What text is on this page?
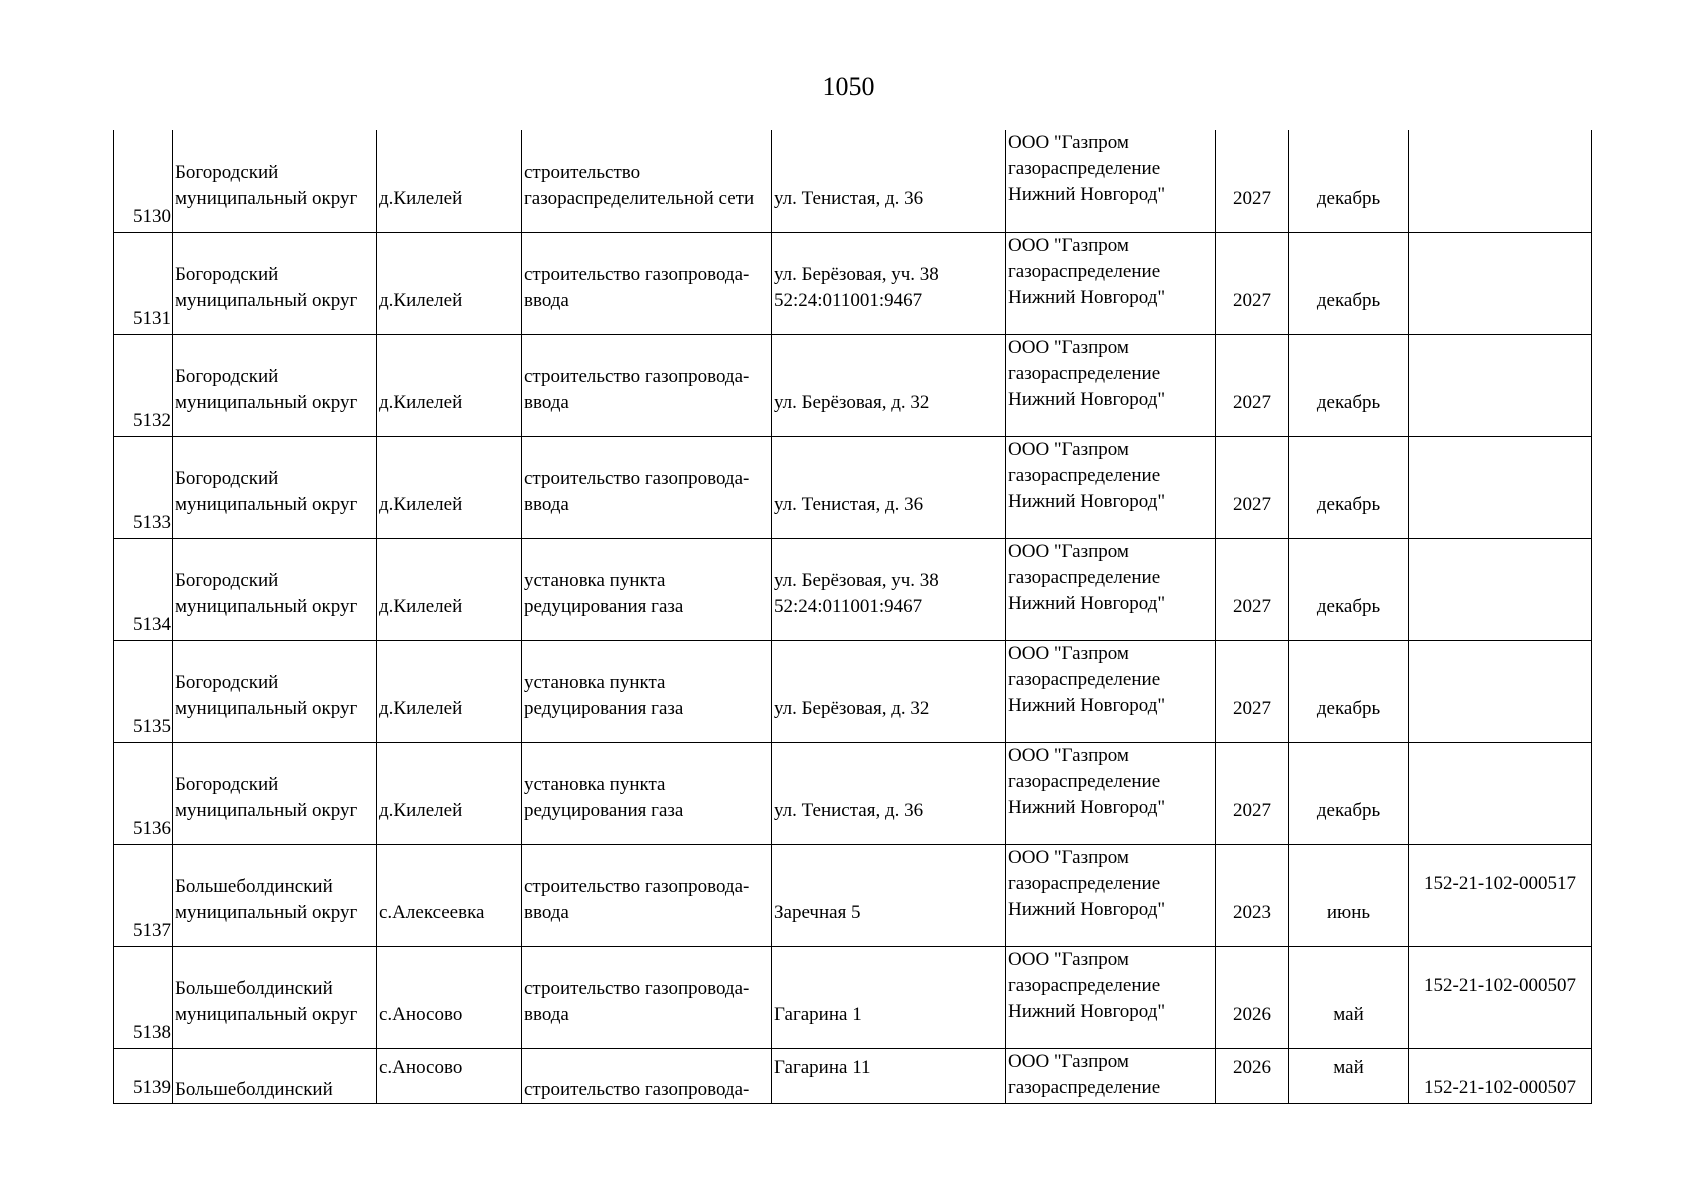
1050
5130	Богородский
муниципальный округ	д.Килелей	строительство
газораспределительной сети	ул. Тенистая, д. 36	ООО "Газпром
газораспределение
Нижний Новгород"	2027	декабрь	

5131	Богородский
муниципальный округ	д.Килелей	строительство газопровода-
ввода	ул. Берёзовая, уч. 38
52:24:011001:9467	ООО "Газпром
газораспределение
Нижний Новгород"	2027	декабрь	

5132	Богородский
муниципальный округ	д.Килелей	строительство газопровода-
ввода	ул. Берёзовая, д. 32	ООО "Газпром
газораспределение
Нижний Новгород"	2027	декабрь	

5133	Богородский
муниципальный округ	д.Килелей	строительство газопровода-
ввода	ул. Тенистая, д. 36	ООО "Газпром
газораспределение
Нижний Новгород"	2027	декабрь	

5134	Богородский
муниципальный округ	д.Килелей	установка пункта
редуцирования газа	ул. Берёзовая, уч. 38
52:24:011001:9467	ООО "Газпром
газораспределение
Нижний Новгород"	2027	декабрь	

5135	Богородский
муниципальный округ	д.Килелей	установка пункта
редуцирования газа	ул. Берёзовая, д. 32	ООО "Газпром
газораспределение
Нижний Новгород"	2027	декабрь	

5136	Богородский
муниципальный округ	д.Килелей	установка пункта
редуцирования газа	ул. Тенистая, д. 36	ООО "Газпром
газораспределение
Нижний Новгород"	2027	декабрь	

5137	Большеболдинский
муниципальный округ	с.Алексеевка	строительство газопровода-
ввода	Заречная 5	ООО "Газпром
газораспределение
Нижний Новгород"	2023	июнь	152-21-102-000517

5138	Большеболдинский
муниципальный округ	с.Аносово	строительство газопровода-
ввода	Гагарина 1	ООО "Газпром
газораспределение
Нижний Новгород"	2026	май	152-21-102-000507

5139	Большеболдинский	с.Аносово	строительство газопровода-	Гагарина 11	ООО "Газпром
газораспределение	2026	май	152-21-102-000507
